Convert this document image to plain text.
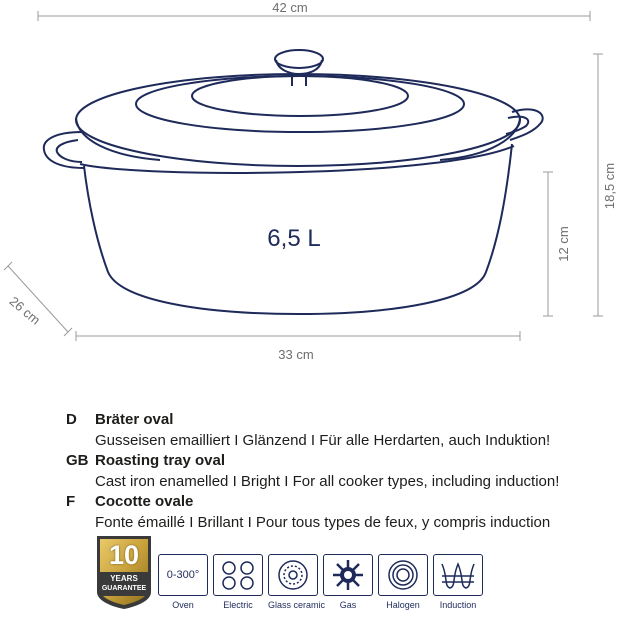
42 cm
18,5 cm
12 cm
26 cm
33 cm
6,5 L
D	Bräter oval
Gusseisen emailliert I Glänzend I Für alle Herdarten, auch Induktion!
GB Roasting tray oval
Cast iron enamelled I Bright I For all cooker types, including induction!
F	Cocotte ovale
Fonte émaillé I Brillant I Pour tous types de feux, y compris induction
10
YEARS
GUARANTEE
0-300°
Oven	Electric	Glass ceramic	Gas	Halogen	Induction
